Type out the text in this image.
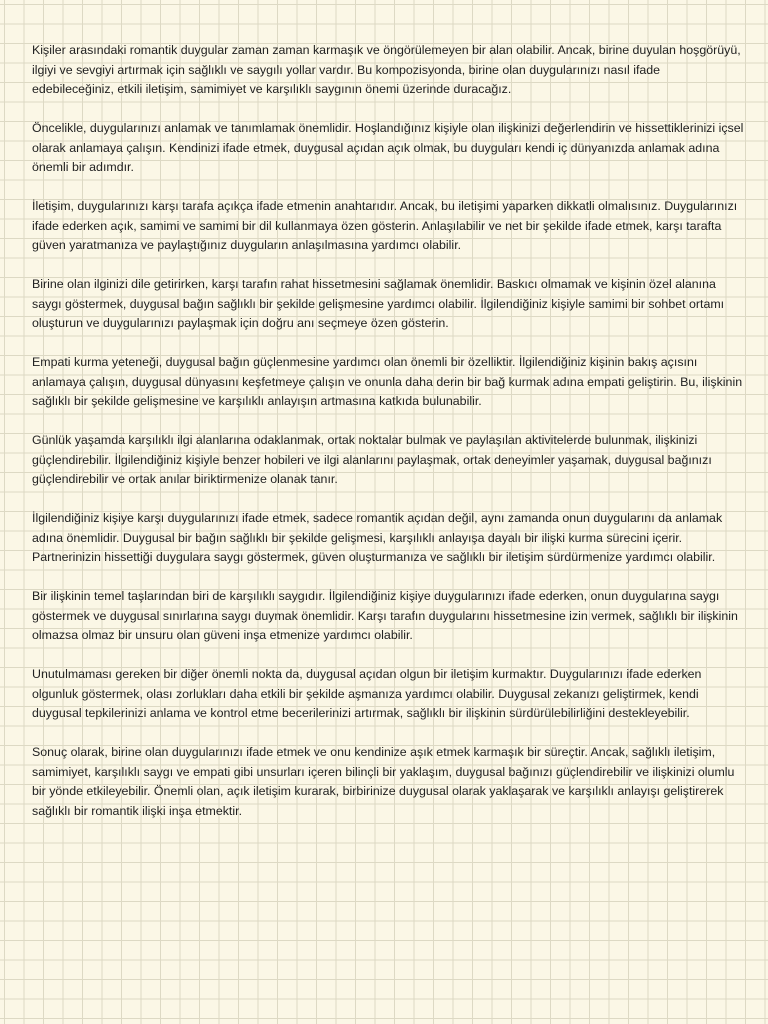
Kişiler arasındaki romantik duygular zaman zaman karmaşık ve öngörülemeyen bir alan olabilir. Ancak, birine duyulan hoşgörüyü, ilgiyi ve sevgiyi artırmak için sağlıklı ve saygılı yollar vardır. Bu kompozisyonda, birine olan duygularınızı nasıl ifade edebileceğiniz, etkili iletişim, samimiyet ve karşılıklı saygının önemi üzerinde duracağız.

Öncelikle, duygularınızı anlamak ve tanımlamak önemlidir. Hoşlandığınız kişiyle olan ilişkinizi değerlendirin ve hissettiklerinizi içsel olarak anlamaya çalışın. Kendinizi ifade etmek, duygusal açıdan açık olmak, bu duyguları kendi iç dünyanızda anlamak adına önemli bir adımdır.

İletişim, duygularınızı karşı tarafa açıkça ifade etmenin anahtarıdır. Ancak, bu iletişimi yaparken dikkatli olmalısınız. Duygularınızı ifade ederken açık, samimi ve samimi bir dil kullanmaya özen gösterin. Anlaşılabilir ve net bir şekilde ifade etmek, karşı tarafta güven yaratmanıza ve paylaştığınız duyguların anlaşılmasına yardımcı olabilir.

Birine olan ilginizi dile getirirken, karşı tarafın rahat hissetmesini sağlamak önemlidir. Baskıcı olmamak ve kişinin özel alanına saygı göstermek, duygusal bağın sağlıklı bir şekilde gelişmesine yardımcı olabilir. İlgilendiğiniz kişiyle samimi bir sohbet ortamı oluşturun ve duygularınızı paylaşmak için doğru anı seçmeye özen gösterin.

Empati kurma yeteneği, duygusal bağın güçlenmesine yardımcı olan önemli bir özelliktir. İlgilendiğiniz kişinin bakış açısını anlamaya çalışın, duygusal dünyasını keşfetmeye çalışın ve onunla daha derin bir bağ kurmak adına empati geliştirin. Bu, ilişkinin sağlıklı bir şekilde gelişmesine ve karşılıklı anlayışın artmasına katkıda bulunabilir.

Günlük yaşamda karşılıklı ilgi alanlarına odaklanmak, ortak noktalar bulmak ve paylaşılan aktivitelerde bulunmak, ilişkinizi güçlendirebilir. İlgilendiğiniz kişiyle benzer hobileri ve ilgi alanlarını paylaşmak, ortak deneyimler yaşamak, duygusal bağınızı güçlendirebilir ve ortak anılar biriktirmenize olanak tanır.

İlgilendiğiniz kişiye karşı duygularınızı ifade etmek, sadece romantik açıdan değil, aynı zamanda onun duygularını da anlamak adına önemlidir. Duygusal bir bağın sağlıklı bir şekilde gelişmesi, karşılıklı anlayışa dayalı bir ilişki kurma sürecini içerir. Partnerinizin hissettiği duygulara saygı göstermek, güven oluşturmanıza ve sağlıklı bir iletişim sürdürmenize yardımcı olabilir.

Bir ilişkinin temel taşlarından biri de karşılıklı saygıdır. İlgilendiğiniz kişiye duygularınızı ifade ederken, onun duygularına saygı göstermek ve duygusal sınırlarına saygı duymak önemlidir. Karşı tarafın duygularını hissetmesine izin vermek, sağlıklı bir ilişkinin olmazsa olmaz bir unsuru olan güveni inşa etmenize yardımcı olabilir.

Unutulmaması gereken bir diğer önemli nokta da, duygusal açıdan olgun bir iletişim kurmaktır. Duygularınızı ifade ederken olgunluk göstermek, olası zorlukları daha etkili bir şekilde aşmanıza yardımcı olabilir. Duygusal zekanızı geliştirmek, kendi duygusal tepkilerinizi anlama ve kontrol etme becerilerinizi artırmak, sağlıklı bir ilişkinin sürdürülebilirliğini destekleyebilir.

Sonuç olarak, birine olan duygularınızı ifade etmek ve onu kendinize aşık etmek karmaşık bir süreçtir. Ancak, sağlıklı iletişim, samimiyet, karşılıklı saygı ve empati gibi unsurları içeren bilinçli bir yaklaşım, duygusal bağınızı güçlendirebilir ve ilişkinizi olumlu bir yönde etkileyebilir. Önemli olan, açık iletişim kurarak, birbirinize duygusal olarak yaklaşarak ve karşılıklı anlayışı geliştirerek sağlıklı bir romantik ilişki inşa etmektir.
